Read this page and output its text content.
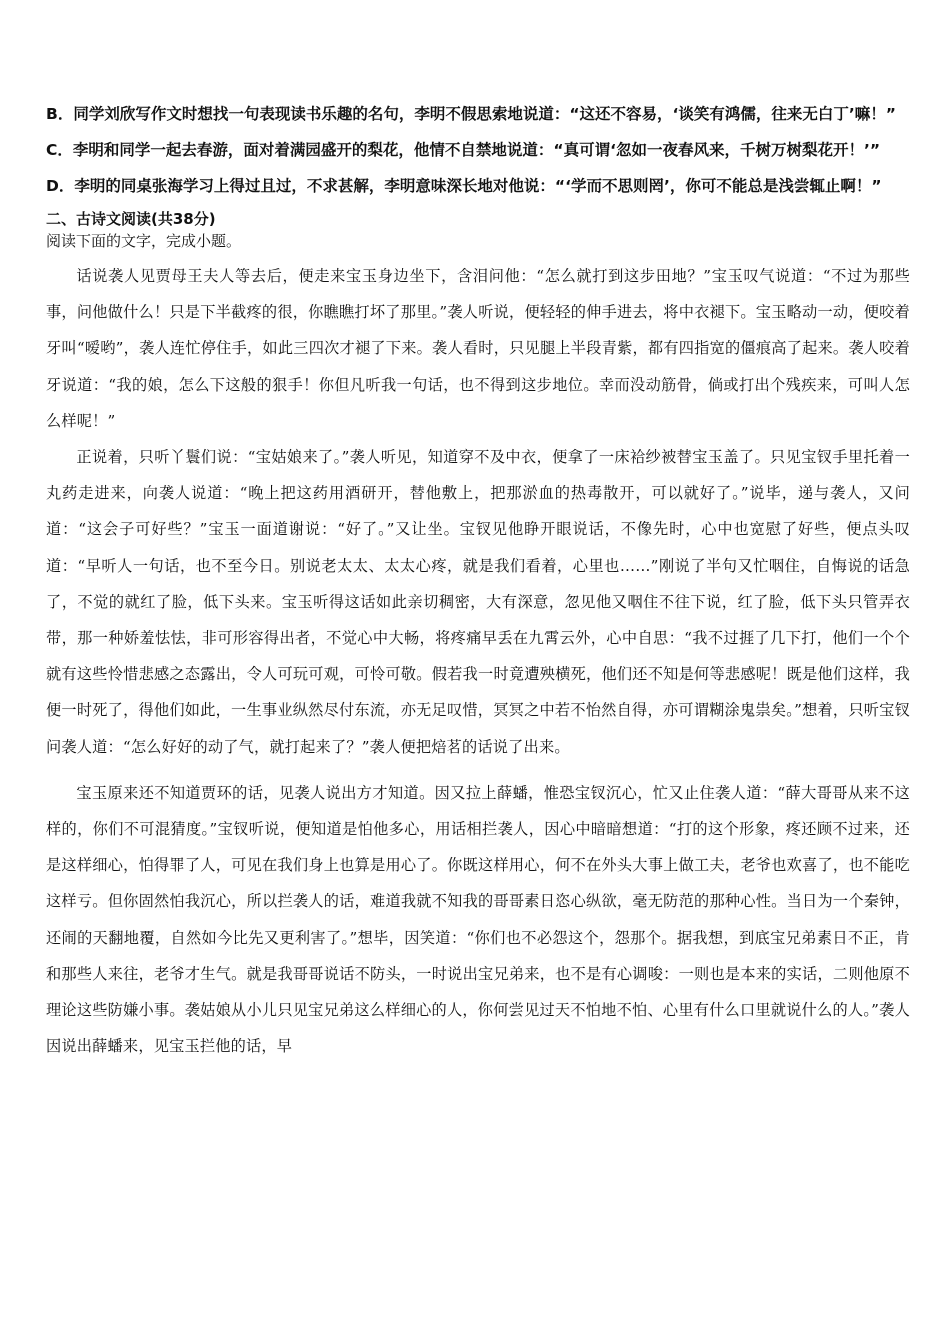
B．同学刘欣写作文时想找一句表现读书乐趣的名句，李明不假思索地说道：“这还不容易，‘谈笑有鸿儒，往来无白丁’嘛！”

C．李明和同学一起去春游，面对着满园盛开的梨花，他情不自禁地说道：“真可谓‘忽如一夜春风来，千树万树梨花开！’”

D．李明的同桌张海学习上得过且过，不求甚解，李明意味深长地对他说：“‘学而不思则罔’，你可不能总是浅尝辄止啊！”

二、古诗文阅读(共38分)

阅读下面的文字，完成小题。

话说袭人见贾母王夫人等去后，便走来宝玉身边坐下，含泪问他：“怎么就打到这步田地？”宝玉叹气说道：“不过为那些事，问他做什么！只是下半截疼的很，你瞧瞧打坏了那里。”袭人听说，便轻轻的伸手进去，将中衣褪下。宝玉略动一动，便咬着牙叫“嗳哟”，袭人连忙停住手，如此三四次才褪了下来。袭人看时，只见腿上半段青紫，都有四指宽的僵痕高了起来。袭人咬着牙说道：“我的娘，怎么下这般的狠手！你但凡听我一句话，也不得到这步地位。幸而没动筋骨，倘或打出个残疾来，可叫人怎么样呢！”

正说着，只听丫鬟们说：“宝姑娘来了。”袭人听见，知道穿不及中衣，便拿了一床袷纱被替宝玉盖了。只见宝钗手里托着一丸药走进来，向袭人说道：“晚上把这药用酒研开，替他敷上，把那淤血的热毒散开，可以就好了。”说毕，递与袭人，又问道：“这会子可好些？”宝玉一面道谢说：“好了。”又让坐。宝钗见他睁开眼说话，不像先时，心中也宽慰了好些，便点头叹道：“早听人一句话，也不至今日。别说老太太、太太心疼，就是我们看着，心里也……”刚说了半句又忙咽住，自悔说的话急了，不觉的就红了脸，低下头来。宝玉听得这话如此亲切稠密，大有深意，忽见他又咽住不往下说，红了脸，低下头只管弄衣带，那一种娇羞怯怯，非可形容得出者，不觉心中大畅，将疼痛早丢在九霄云外，心中自思：“我不过捱了几下打，他们一个个就有这些怜惜悲感之态露出，令人可玩可观，可怜可敬。假若我一时竟遭殃横死，他们还不知是何等悲感呢！既是他们这样，我便一时死了，得他们如此，一生事业纵然尽付东流，亦无足叹惜，冥冥之中若不怡然自得，亦可谓糊涂鬼祟矣。”想着，只听宝钗问袭人道：“怎么好好的动了气，就打起来了？”袭人便把焙茗的话说了出来。

宝玉原来还不知道贾环的话，见袭人说出方才知道。因又拉上薛蟠，惟恐宝钗沉心，忙又止住袭人道：“薛大哥哥从来不这样的，你们不可混猜度。”宝钗听说，便知道是怕他多心，用话相拦袭人，因心中暗暗想道：“打的这个形象，疼还顾不过来，还是这样细心，怕得罪了人，可见在我们身上也算是用心了。你既这样用心，何不在外头大事上做工夫，老爷也欢喜了，也不能吃这样亏。但你固然怕我沉心，所以拦袭人的话，难道我就不知我的哥哥素日恣心纵欲，毫无防范的那种心性。当日为一个秦钟，还闹的天翻地覆，自然如今比先又更利害了。”想毕，因笑道：“你们也不必怨这个，怨那个。据我想，到底宝兄弟素日不正，肯和那些人来往，老爷才生气。就是我哥哥说话不防头，一时说出宝兄弟来，也不是有心调唆：一则也是本来的实话，二则他原不理论这些防嫌小事。袭姑娘从小儿只见宝兄弟这么样细心的人，你何尝见过天不怕地不怕、心里有什么口里就说什么的人。”袭人因说出薛蟠来，见宝玉拦他的话，早
